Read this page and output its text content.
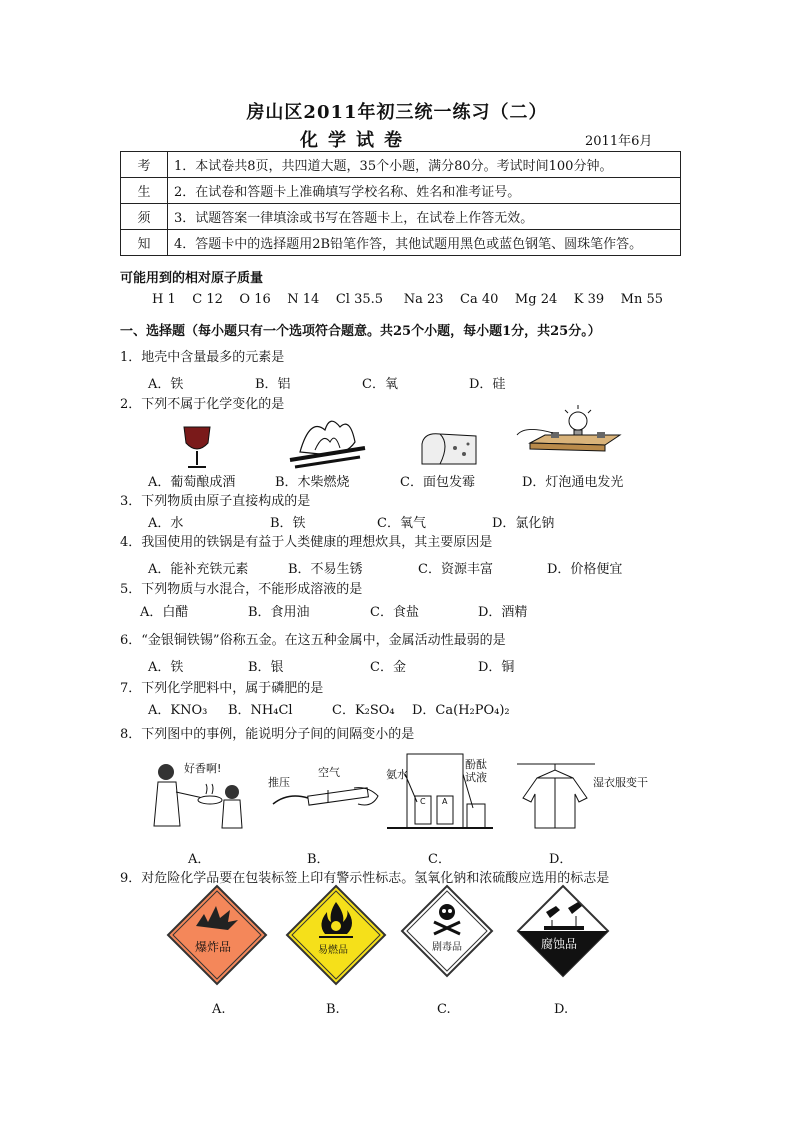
房山区2011年初三统一练习（二）
化学试卷	2011年6月
考	1．本试卷共8页，共四道大题，35个小题，满分80分。考试时间100分钟。
生	2．在试卷和答题卡上准确填写学校名称、姓名和准考证号。
须	3．试题答案一律填涂或书写在答题卡上，在试卷上作答无效。
知	4．答题卡中的选择题用2B铅笔作答，其他试题用黑色或蓝色钢笔、圆珠笔作答。
可能用到的相对原子质量
H 1    C 12    O 16    N 14    Cl 35.5     Na 23    Ca 40    Mg 24    K 39    Mn 55
一、选择题（每小题只有一个选项符合题意。共25个小题，每小题1分，共25分。）
1．地壳中含量最多的元素是
A．铁	B．铝	C．氧	D．硅
2．下列不属于化学变化的是
A．葡萄酿成酒	B．木柴燃烧	C．面包发霉	D．灯泡通电发光
3．下列物质由原子直接构成的是
A．水	B．铁	C．氧气	D．氯化钠
4．我国使用的铁锅是有益于人类健康的理想炊具，其主要原因是
A．能补充铁元素	B．不易生锈	C．资源丰富	D．价格便宜
5．下列物质与水混合，不能形成溶液的是
A．白醋	B．食用油	C．食盐	D．酒精
6．“金银铜铁锡”俗称五金。在这五种金属中，金属活动性最弱的是
A．铁	B．银	C．金	D．铜
7．下列化学肥料中，属于磷肥的是
A．KNO₃ B．NH₄Cl	C．K₂SO₄ D．Ca(H₂PO₄)₂
8．下列图中的事例，能说明分子间的间隔变小的是
好香啊!
推压
空气	氨水
酚酞
试液
C A
湿衣服变干
A．	B．	C．	D．
9．对危险化学品要在包装标签上印有警示性标志。氢氧化钠和浓硫酸应选用的标志是
爆炸品	易燃品	剧毒品	腐蚀品
A.	B.	C.	D.
